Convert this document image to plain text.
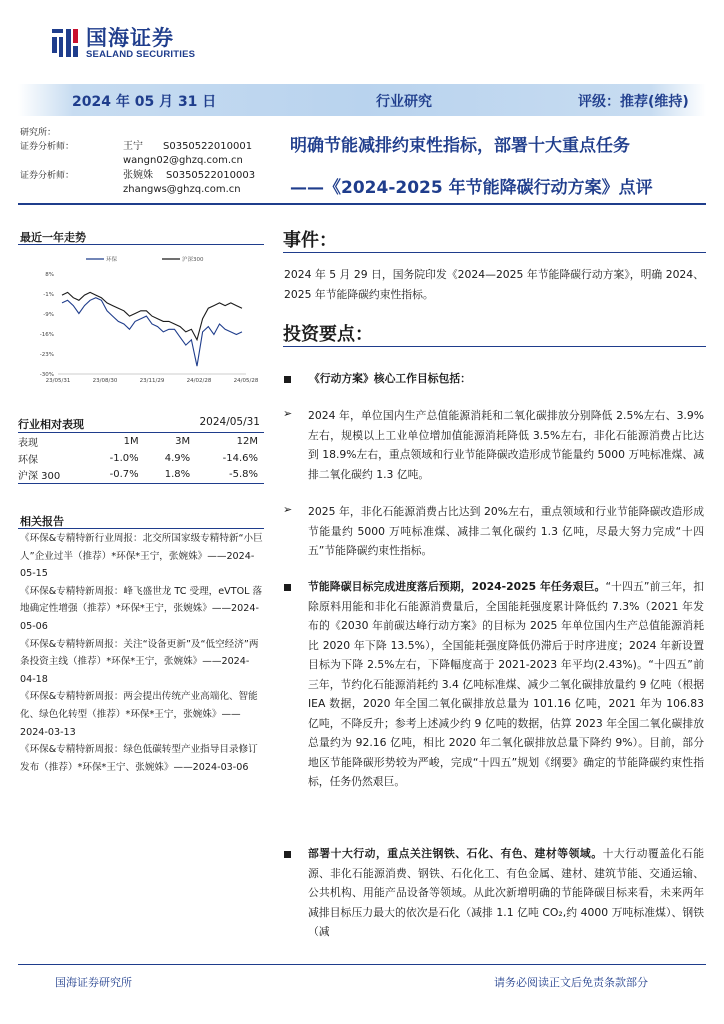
国海证券
SEALAND SECURITIES
2024 年 05 月 31 日	行业研究	评级：推荐(维持)
研究所：
证券分析师：	王宁 S0350522010001
wangn02@ghzq.com.cn
证券分析师：	张婉姝 S0350522010003
zhangws@ghzq.com.cn
明确节能减排约束性指标，部署十大重点任务
——《2024-2025 年节能降碳行动方案》点评
最近一年走势
8%
-1%
-9%
-16%
-23%
-30%
23/05/31	23/08/30	23/11/29	24/02/28	24/05/28
环保	沪深300
行业相对表现	2024/05/31
表现	1M	3M	12M
环保	-1.0%	4.9%	-14.6%
沪深 300	-0.7%	1.8%	-5.8%
相关报告
《环保&专精特新行业周报：北交所国家级专精特新“小巨人”企业过半（推荐）*环保*王宁，张婉姝》——2024-05-15
《环保&专精特新周报：峰飞盛世龙 TC 受理，eVTOL 落地确定性增强（推荐）*环保*王宁，张婉姝》——2024-05-06
《环保&专精特新周报：关注“设备更新”及“低空经济”两条投资主线（推荐）*环保*王宁，张婉姝》——2024-04-18
《环保&专精特新周报：两会提出传统产业高端化、智能化、绿色化转型（推荐）*环保*王宁，张婉姝》——2024-03-13
《环保&专精特新周报：绿色低碳转型产业指导目录修订发布（推荐）*环保*王宁、张婉姝》——2024-03-06
事件：
2024 年 5 月 29 日，国务院印发《2024—2025 年节能降碳行动方案》，明确 2024、2025 年节能降碳约束性指标。
投资要点：
《行动方案》核心工作目标包括：
➢ 2024 年，单位国内生产总值能源消耗和二氧化碳排放分别降低 2.5%左右、3.9%左右，规模以上工业单位增加值能源消耗降低 3.5%左右，非化石能源消费占比达到 18.9%左右，重点领域和行业节能降碳改造形成节能量约 5000 万吨标准煤、减排二氧化碳约 1.3 亿吨。
➢ 2025 年，非化石能源消费占比达到 20%左右，重点领域和行业节能降碳改造形成节能量约 5000 万吨标准煤、减排二氧化碳约 1.3 亿吨，尽最大努力完成“十四五”节能降碳约束性指标。
节能降碳目标完成进度落后预期，2024-2025 年任务艰巨。“十四五”前三年，扣除原料用能和非化石能源消费量后，全国能耗强度累计降低约 7.3%（2021 年发布的《2030 年前碳达峰行动方案》的目标为 2025 年单位国内生产总值能源消耗比 2020 年下降 13.5%），全国能耗强度降低仍滞后于时序进度；2024 年新设置目标为下降 2.5%左右，下降幅度高于 2021-2023 年平均(2.43%)。“十四五”前三年，节约化石能源消耗约 3.4 亿吨标准煤、减少二氧化碳排放量约 9 亿吨（根据 IEA 数据，2020 年全国二氧化碳排放总量为 101.16 亿吨，2021 年为 106.83 亿吨，不降反升；参考上述减少约 9 亿吨的数据，估算 2023 年全国二氧化碳排放总量约为 92.16 亿吨，相比 2020 年二氧化碳排放总量下降约 9%）。目前，部分地区节能降碳形势较为严峻，完成“十四五”规划《纲要》确定的节能降碳约束性指标，任务仍然艰巨。
部署十大行动，重点关注钢铁、石化、有色、建材等领域。十大行动覆盖化石能源、非化石能源消费、钢铁、石化化工、有色金属、建材、建筑节能、交通运输、公共机构、用能产品设备等领域。从此次新增明确的节能降碳目标来看，未来两年减排目标压力最大的依次是石化（减排 1.1 亿吨 CO₂,约 4000 万吨标准煤）、钢铁（减
国海证券研究所	请务必阅读正文后免责条款部分
